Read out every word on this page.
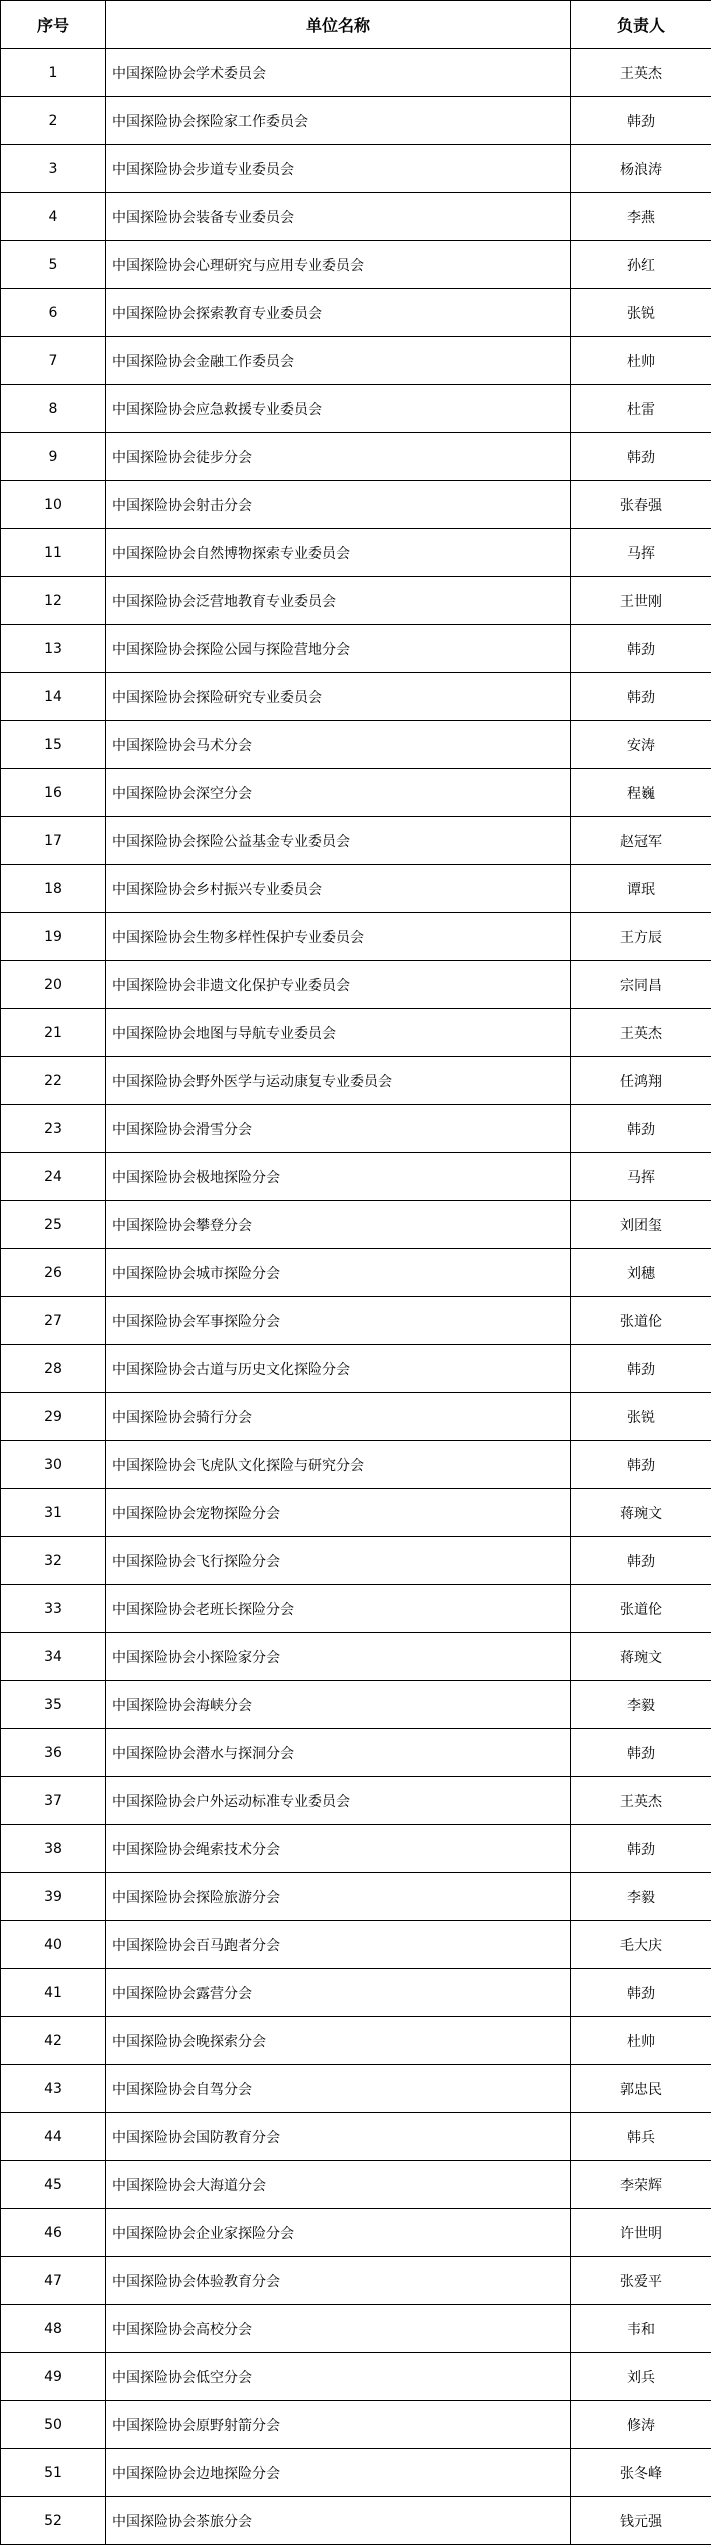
序号	单位名称	负责人
1	中国探险协会学术委员会	王英杰
2	中国探险协会探险家工作委员会	韩劲
3	中国探险协会步道专业委员会	杨浪涛
4	中国探险协会装备专业委员会	李燕
5	中国探险协会心理研究与应用专业委员会	孙红
6	中国探险协会探索教育专业委员会	张锐
7	中国探险协会金融工作委员会	杜帅
8	中国探险协会应急救援专业委员会	杜雷
9	中国探险协会徒步分会	韩劲
10	中国探险协会射击分会	张春强
11	中国探险协会自然博物探索专业委员会	马挥
12	中国探险协会泛营地教育专业委员会	王世刚
13	中国探险协会探险公园与探险营地分会	韩劲
14	中国探险协会探险研究专业委员会	韩劲
15	中国探险协会马术分会	安涛
16	中国探险协会深空分会	程巍
17	中国探险协会探险公益基金专业委员会	赵冠军
18	中国探险协会乡村振兴专业委员会	谭珉
19	中国探险协会生物多样性保护专业委员会	王方辰
20	中国探险协会非遗文化保护专业委员会	宗同昌
21	中国探险协会地图与导航专业委员会	王英杰
22	中国探险协会野外医学与运动康复专业委员会	任鸿翔
23	中国探险协会滑雪分会	韩劲
24	中国探险协会极地探险分会	马挥
25	中国探险协会攀登分会	刘团玺
26	中国探险协会城市探险分会	刘穗
27	中国探险协会军事探险分会	张道伦
28	中国探险协会古道与历史文化探险分会	韩劲
29	中国探险协会骑行分会	张锐
30	中国探险协会飞虎队文化探险与研究分会	韩劲
31	中国探险协会宠物探险分会	蒋琬文
32	中国探险协会飞行探险分会	韩劲
33	中国探险协会老班长探险分会	张道伦
34	中国探险协会小探险家分会	蒋琬文
35	中国探险协会海峡分会	李毅
36	中国探险协会潜水与探洞分会	韩劲
37	中国探险协会户外运动标准专业委员会	王英杰
38	中国探险协会绳索技术分会	韩劲
39	中国探险协会探险旅游分会	李毅
40	中国探险协会百马跑者分会	毛大庆
41	中国探险协会露营分会	韩劲
42	中国探险协会晚探索分会	杜帅
43	中国探险协会自驾分会	郭忠民
44	中国探险协会国防教育分会	韩兵
45	中国探险协会大海道分会	李荣辉
46	中国探险协会企业家探险分会	许世明
47	中国探险协会体验教育分会	张爱平
48	中国探险协会高校分会	韦和
49	中国探险协会低空分会	刘兵
50	中国探险协会原野射箭分会	修涛
51	中国探险协会边地探险分会	张冬峰
52	中国探险协会茶旅分会	钱元强
